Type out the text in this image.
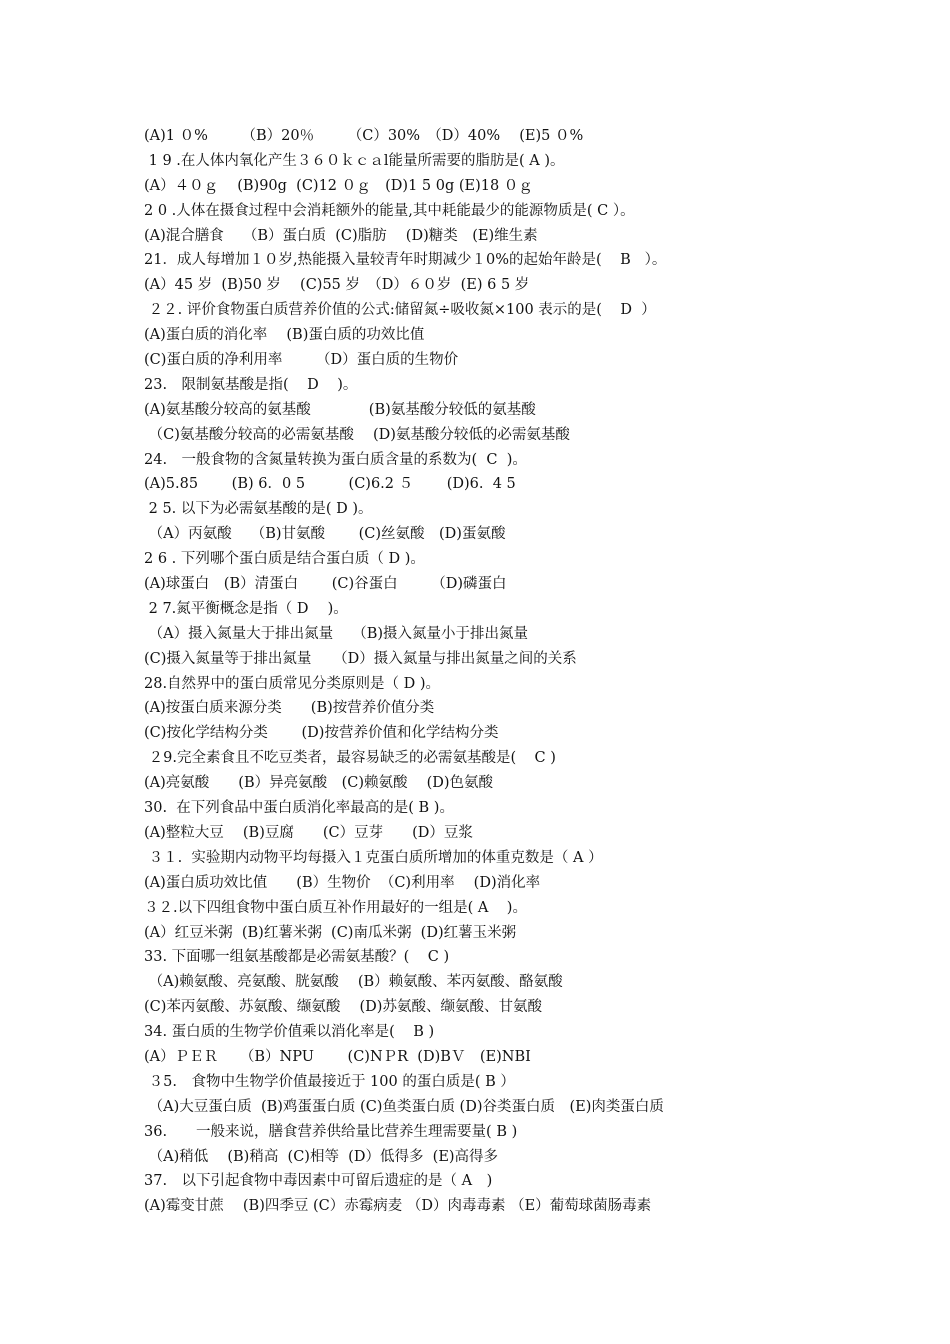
(A)1 ０%　　 （B）20％　　 （C）30%　（D）40%　 (E)5 ０%
1 9 .在人体内氧化产生３６０ｋｃａl能量所需要的脂肪是( A )。
(A）４０ｇ　 (B)90g  (C)12 ０ｇ　(D)1 5 0g (E)18 ０ｇ
2 0 .人体在摄食过程中会消耗额外的能量,其中耗能最少的能源物质是( C ）。
(A)混合膳食　 （B）蛋白质  (C)脂肪　 (D)糖类　(E)维生素
21．成人每增加１０岁,热能摄入量较青年时期减少１0%的起始年龄是(    B   ）。
(A）45 岁  (B)50 岁　 (C)55 岁　（D）６０岁  (E) 6 5 岁
２２. 评价食物蛋白质营养价值的公式:储留氮÷吸收氮×100 表示的是(    D  ）
(A)蛋白质的消化率　 (B)蛋白质的功效比值
(C)蛋白质的净利用率　　 （D）蛋白质的生物价
23.　限制氨基酸是指(    D    )。
(A)氨基酸分较高的氨基酸　　　　(B)氨基酸分较低的氨基酸
（C)氨基酸分较高的必需氨基酸　 (D)氨基酸分较低的必需氨基酸
24.　一般食物的含氮量转换为蛋白质含量的系数为(  C  )。
(A)5.85　　 (B) 6．0 5　　　(C)6.2 ５　　 (D)6.  4 5
2 5. 以下为必需氨基酸的是( D )。
（A）丙氨酸　 （B)甘氨酸　　 (C)丝氨酸　(D)蛋氨酸
2 6 . 下列哪个蛋白质是结合蛋白质（ D )。
(A)球蛋白　(B）清蛋白　　 (C)谷蛋白　　 （D)磷蛋白
2 7.氮平衡概念是指（ D　 )。
（A）摄入氮量大于排出氮量　 （B)摄入氮量小于排出氮量
(C)摄入氮量等于排出氮量　　（D）摄入氮量与排出氮量之间的关系
28.自然界中的蛋白质常见分类原则是（ D )。
(A)按蛋白质来源分类　　(B)按营养价值分类
(C)按化学结构分类　　 (D)按营养价值和化学结构分类
２9.完全素食且不吃豆类者，最容易缺乏的必需氨基酸是(    C )
(A)亮氨酸　　(B）异亮氨酸　(C)赖氨酸　 (D)色氨酸
30.  在下列食品中蛋白质消化率最高的是( B )。
(A)整粒大豆　 (B)豆腐　　(C）豆芽　　(D）豆浆
３１.  实验期内动物平均每摄入１克蛋白质所增加的体重克数是（ A ）
(A)蛋白质功效比值　　(B）生物价  （C)利用率　 (D)消化率
３２.以下四组食物中蛋白质互补作用最好的一组是( A    )。
(A）红豆米粥  (B)红薯米粥  (C)南瓜米粥  (D)红薯玉米粥
33. 下面哪一组氨基酸都是必需氨基酸？(    C )
（A)赖氨酸、亮氨酸、胱氨酸　 (B）赖氨酸、苯丙氨酸、酪氨酸
(C)苯丙氨酸、苏氨酸、缬氨酸　 (D)苏氨酸、缬氨酸、甘氨酸
34. 蛋白质的生物学价值乘以消化率是(    B )
(A）ＰＥＲ　　（B）NPU　　 (C)NＰR  (D)BＶ　(E)NBI
３5.　食物中生物学价值最接近于 100 的蛋白质是( B ）
（A)大豆蛋白质  (B)鸡蛋蛋白质 (C)鱼类蛋白质 (D)谷类蛋白质　(E)肉类蛋白质
36.　　一般来说，膳食营养供给量比营养生理需要量( B )
（A)稍低　 (B)稍高  (C)相等  (D）低得多  (E)高得多
37.　以下引起食物中毒因素中可留后遗症的是（ A　)
(A)霉变甘蔗　 (B)四季豆 (C）赤霉病麦 （D）肉毒毒素 （E）葡萄球菌肠毒素
